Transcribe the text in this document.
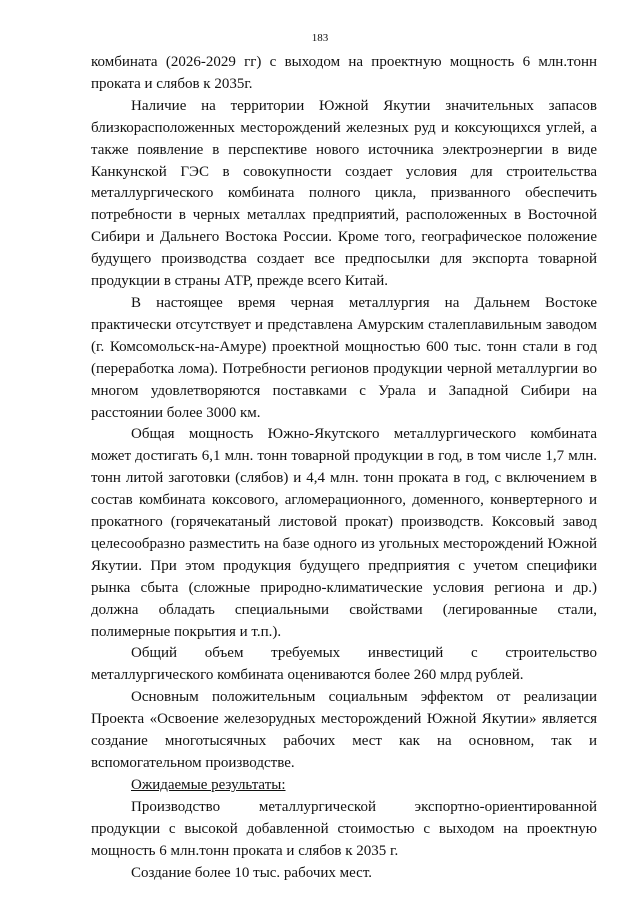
183

комбината (2026-2029 гг) с выходом на проектную мощность 6 млн.тонн проката и слябов к 2035г.

Наличие на территории Южной Якутии значительных запасов близкорасположенных месторождений железных руд и коксующихся углей, а также появление в перспективе нового источника электроэнергии в виде Канкунской ГЭС в совокупности создает условия для строительства металлургического комбината полного цикла, призванного обеспечить потребности в черных металлах предприятий, расположенных в Восточной Сибири и Дальнего Востока России. Кроме того, географическое положение будущего производства создает все предпосылки для экспорта товарной продукции в страны АТР, прежде всего Китай.

В настоящее время черная металлургия на Дальнем Востоке практически отсутствует и представлена Амурским сталеплавильным заводом (г. Комсомольск-на-Амуре) проектной мощностью 600 тыс. тонн стали в год (переработка лома). Потребности регионов продукции черной металлургии во многом удовлетворяются поставками с Урала и Западной Сибири на расстоянии более 3000 км.

Общая мощность Южно-Якутского металлургического комбината может достигать 6,1 млн. тонн товарной продукции в год, в том числе 1,7 млн. тонн литой заготовки (слябов) и 4,4 млн. тонн проката в год, с включением в состав комбината коксового, агломерационного, доменного, конвертерного и прокатного (горячекатаный листовой прокат) производств. Коксовый завод целесообразно разместить на базе одного из угольных месторождений Южной Якутии. При этом продукция будущего предприятия с учетом специфики рынка сбыта (сложные природно-климатические условия региона и др.) должна обладать специальными свойствами (легированные стали, полимерные покрытия и т.п.).

Общий объем требуемых инвестиций с строительство металлургического комбината оцениваются более 260 млрд рублей.

Основным положительным социальным эффектом от реализации Проекта «Освоение железорудных месторождений Южной Якутии» является создание многотысячных рабочих мест как на основном, так и вспомогательном производстве.

Ожидаемые результаты:

Производство металлургической экспортно-ориентированной продукции с высокой добавленной стоимостью с выходом на проектную мощность 6 млн.тонн проката и слябов к 2035 г.

Создание более 10 тыс. рабочих мест.
